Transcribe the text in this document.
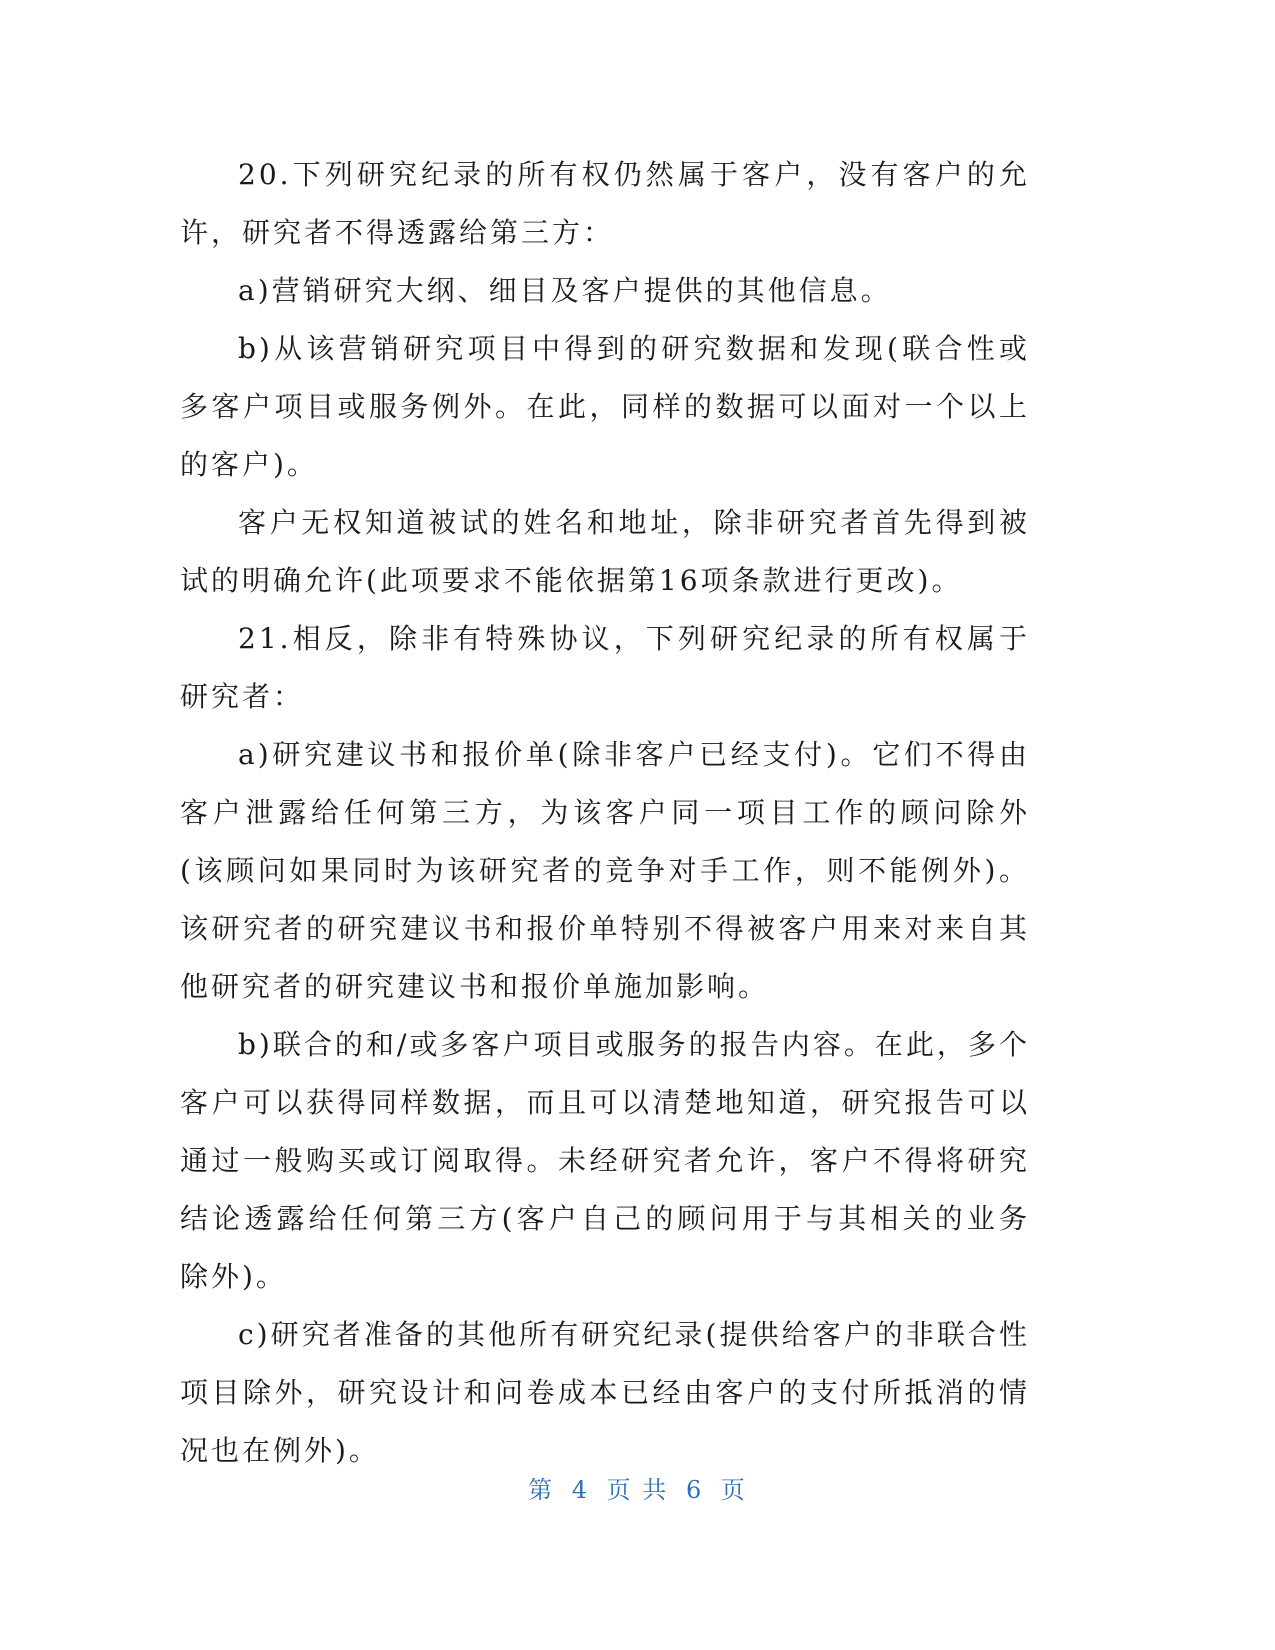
20.下列研究纪录的所有权仍然属于客户，没有客户的允许，研究者不得透露给第三方：

a)营销研究大纲、细目及客户提供的其他信息。

b)从该营销研究项目中得到的研究数据和发现(联合性或多客户项目或服务例外。在此，同样的数据可以面对一个以上的客户)。

客户无权知道被试的姓名和地址，除非研究者首先得到被试的明确允许(此项要求不能依据第16项条款进行更改)。

21.相反，除非有特殊协议，下列研究纪录的所有权属于研究者：

a)研究建议书和报价单(除非客户已经支付)。它们不得由客户泄露给任何第三方，为该客户同一项目工作的顾问除外(该顾问如果同时为该研究者的竞争对手工作，则不能例外)。该研究者的研究建议书和报价单特别不得被客户用来对来自其他研究者的研究建议书和报价单施加影响。

b)联合的和/或多客户项目或服务的报告内容。在此，多个客户可以获得同样数据，而且可以清楚地知道，研究报告可以通过一般购买或订阅取得。未经研究者允许，客户不得将研究结论透露给任何第三方(客户自己的顾问用于与其相关的业务除外)。

c)研究者准备的其他所有研究纪录(提供给客户的非联合性项目除外，研究设计和问卷成本已经由客户的支付所抵消的情况也在例外)。

第 4 页 共 6 页
